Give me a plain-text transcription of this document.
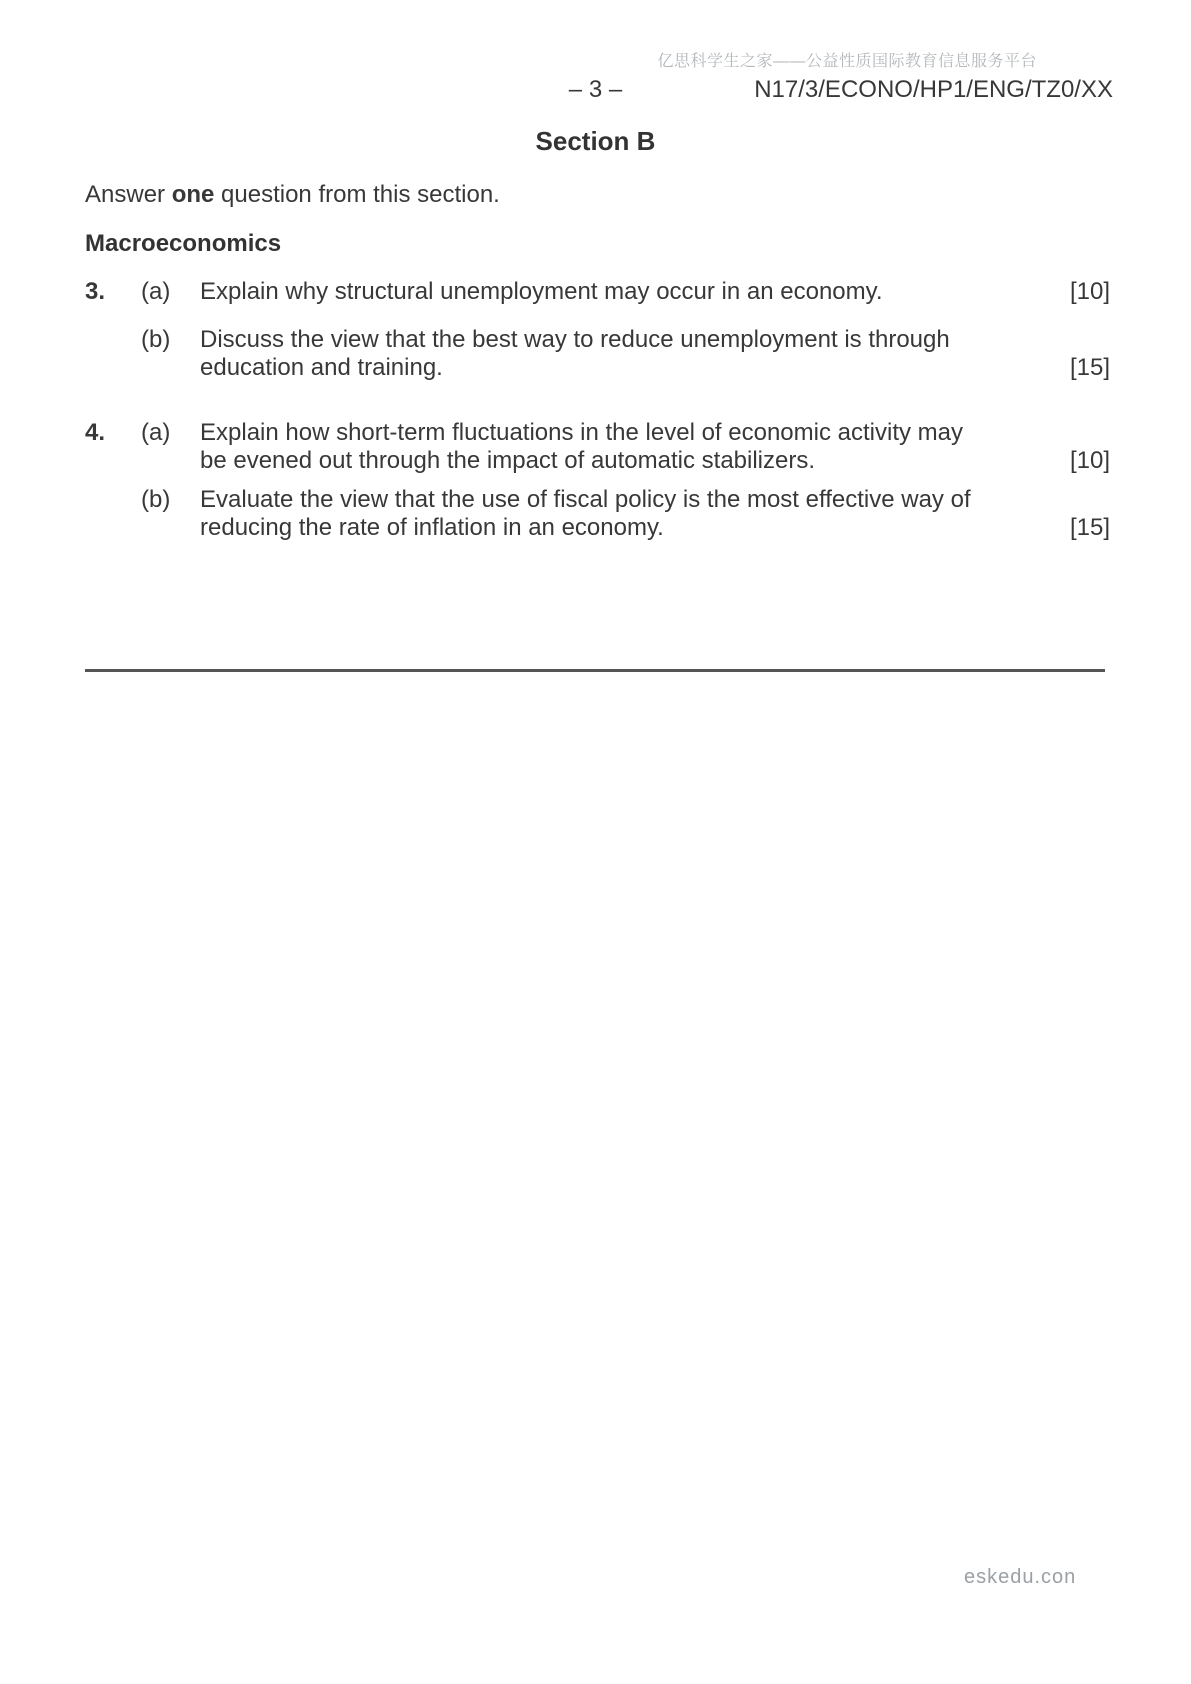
亿思科学生之家——公益性质国际教育信息服务平台
– 3 –	N17/3/ECONO/HP1/ENG/TZ0/XX
Section B
Answer one question from this section.
Macroeconomics
3.	(a)	Explain why structural unemployment may occur in an economy.	[10]
(b)	Discuss the view that the best way to reduce unemployment is through education and training.	[15]
4.	(a)	Explain how short-term fluctuations in the level of economic activity may be evened out through the impact of automatic stabilizers.	[10]
(b)	Evaluate the view that the use of fiscal policy is the most effective way of reducing the rate of inflation in an economy.	[15]
eskedu.con
